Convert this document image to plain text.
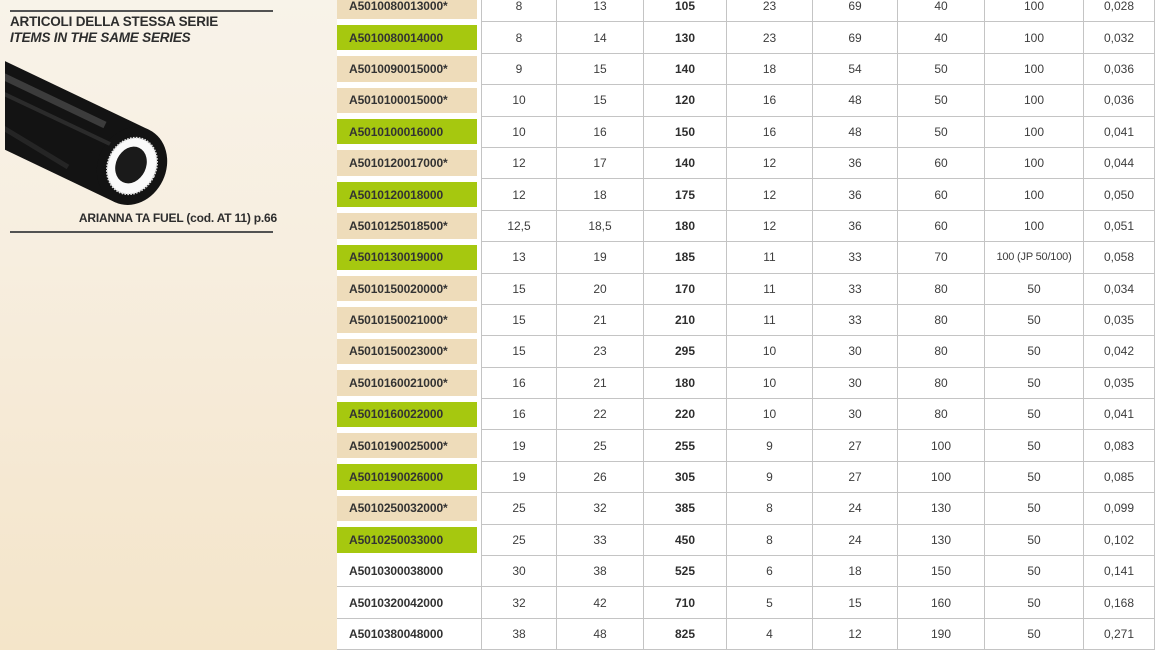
ARTICOLI DELLA STESSA SERIE
ITEMS IN THE SAME SERIES
ARIANNA TA FUEL (cod. AT 11) p.66
A5010080013000*	8	13	105	23	69	40	100	0,028
A5010080014000	8	14	130	23	69	40	100	0,032
A5010090015000*	9	15	140	18	54	50	100	0,036
A5010100015000*	10	15	120	16	48	50	100	0,036
A5010100016000	10	16	150	16	48	50	100	0,041
A5010120017000*	12	17	140	12	36	60	100	0,044
A5010120018000	12	18	175	12	36	60	100	0,050
A5010125018500*	12,5	18,5	180	12	36	60	100	0,051
A5010130019000	13	19	185	11	33	70	100 (JP 50/100)	0,058
A5010150020000*	15	20	170	11	33	80	50	0,034
A5010150021000*	15	21	210	11	33	80	50	0,035
A5010150023000*	15	23	295	10	30	80	50	0,042
A5010160021000*	16	21	180	10	30	80	50	0,035
A5010160022000	16	22	220	10	30	80	50	0,041
A5010190025000*	19	25	255	9	27	100	50	0,083
A5010190026000	19	26	305	9	27	100	50	0,085
A5010250032000*	25	32	385	8	24	130	50	0,099
A5010250033000	25	33	450	8	24	130	50	0,102
A5010300038000	30	38	525	6	18	150	50	0,141
A5010320042000	32	42	710	5	15	160	50	0,168
A5010380048000	38	48	825	4	12	190	50	0,271
